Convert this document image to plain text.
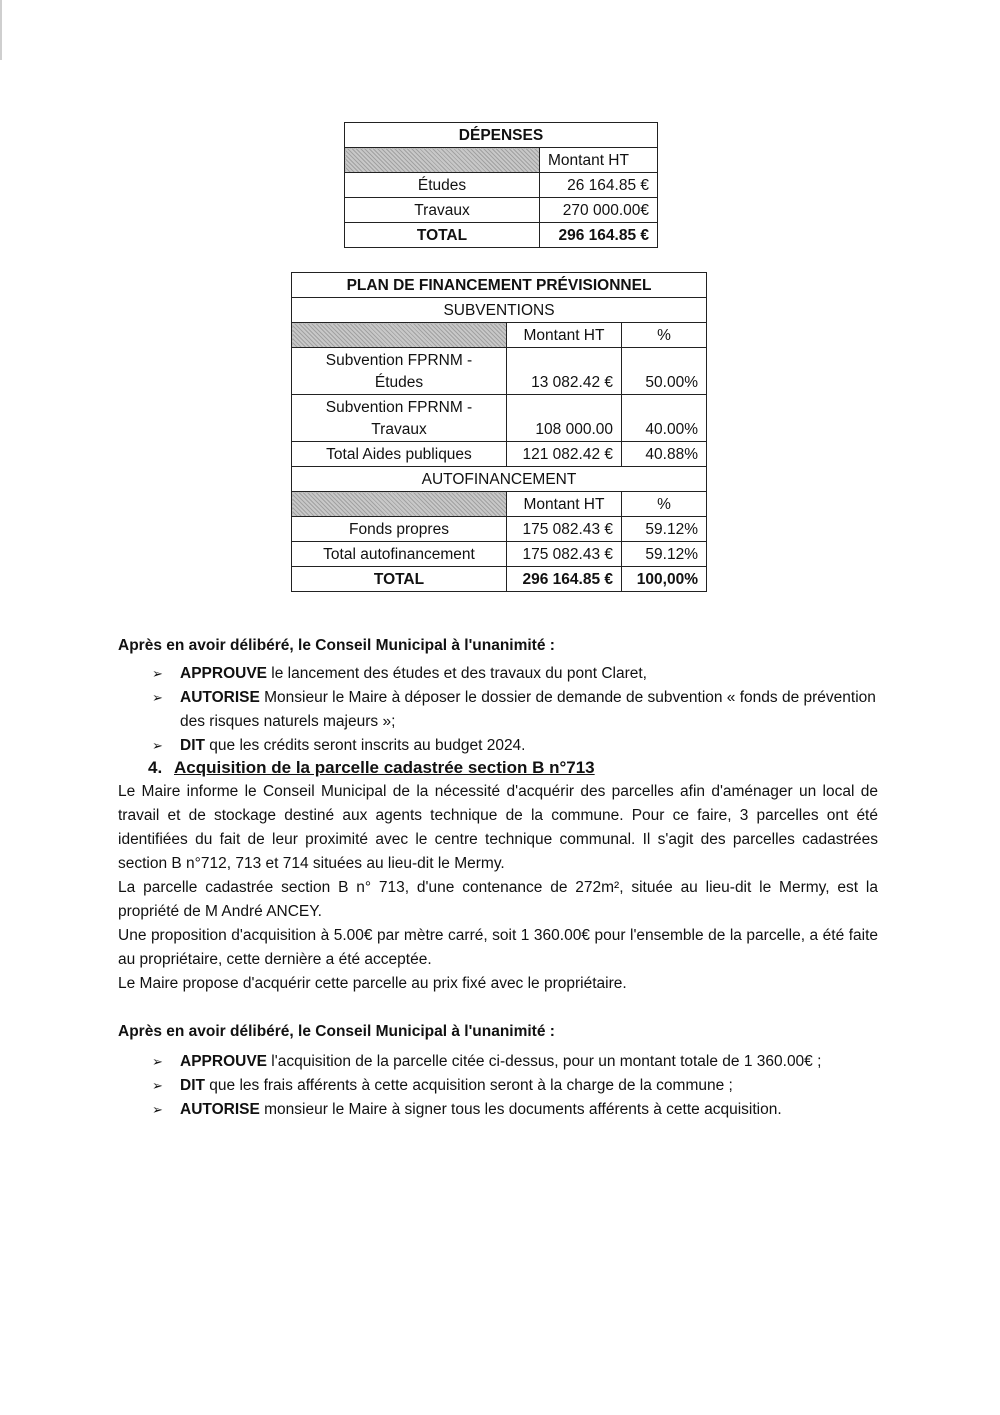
DÉPENSES	
	Montant HT
Études	26 164.85 €
Travaux	270 000.00€
TOTAL	296 164.85 €
PLAN DE FINANCEMENT PRÉVISIONNEL		
SUBVENTIONS		
	Montant HT	%

Subvention FPRNM -
Études	13 082.42 €	50.00%

Subvention FPRNM -
Travaux	108 000.00	40.00%
Total Aides publiques	121 082.42 €	40.88%
AUTOFINANCEMENT		
	Montant HT	%
Fonds propres	175 082.43 €	59.12%
Total autofinancement	175 082.43 €	59.12%
TOTAL	296 164.85 €	100,00%
Après en avoir délibéré, le Conseil Municipal à l'unanimité :
➢ APPROUVE le lancement des études et des travaux du pont Claret,
➢ AUTORISE Monsieur le Maire à déposer le dossier de demande de subvention « fonds de prévention des risques naturels majeurs »;
➢ DIT que les crédits seront inscrits au budget 2024.
4. Acquisition de la parcelle cadastrée section B n°713

Le Maire informe le Conseil Municipal de la nécessité d'acquérir des parcelles afin d'aménager un local de travail et de stockage destiné aux agents technique de la commune. Pour ce faire, 3 parcelles ont été identifiées du fait de leur proximité avec le centre technique communal. Il s'agit des parcelles cadastrées section B n°712, 713 et 714 situées au lieu-dit le Mermy.

La parcelle cadastrée section B n° 713, d'une contenance de 272m², située au lieu-dit le Mermy, est la propriété de M André ANCEY.

Une proposition d'acquisition à 5.00€ par mètre carré, soit 1 360.00€ pour l'ensemble de la parcelle, a été faite au propriétaire, cette dernière a été acceptée.

Le Maire propose d'acquérir cette parcelle au prix fixé avec le propriétaire.

Après en avoir délibéré, le Conseil Municipal à l'unanimité :
➢ APPROUVE l'acquisition de la parcelle citée ci-dessus, pour un montant totale de 1 360.00€ ;
➢ DIT que les frais afférents à cette acquisition seront à la charge de la commune ;
➢ AUTORISE monsieur le Maire à signer tous les documents afférents à cette acquisition.
